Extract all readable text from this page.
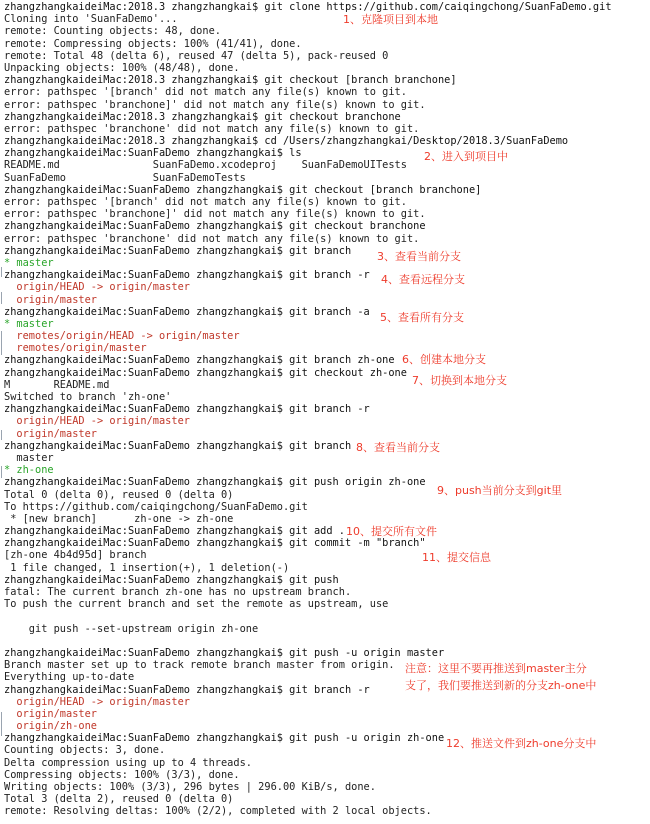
zhangzhangkaideiMac:2018.3 zhangzhangkai$ git clone https://github.com/caiqingchong/SuanFaDemo.git
Cloning into 'SuanFaDemo'...
remote: Counting objects: 48, done.
remote: Compressing objects: 100% (41/41), done.
remote: Total 48 (delta 6), reused 47 (delta 5), pack-reused 0
Unpacking objects: 100% (48/48), done.
zhangzhangkaideiMac:2018.3 zhangzhangkai$ git checkout [branch branchone]
error: pathspec '[branch' did not match any file(s) known to git.
error: pathspec 'branchone]' did not match any file(s) known to git.
zhangzhangkaideiMac:2018.3 zhangzhangkai$ git checkout branchone
error: pathspec 'branchone' did not match any file(s) known to git.
zhangzhangkaideiMac:2018.3 zhangzhangkai$ cd /Users/zhangzhangkai/Desktop/2018.3/SuanFaDemo
zhangzhangkaideiMac:SuanFaDemo zhangzhangkai$ ls
README.md               SuanFaDemo.xcodeproj    SuanFaDemoUITests
SuanFaDemo              SuanFaDemoTests
zhangzhangkaideiMac:SuanFaDemo zhangzhangkai$ git checkout [branch branchone]
error: pathspec '[branch' did not match any file(s) known to git.
error: pathspec 'branchone]' did not match any file(s) known to git.
zhangzhangkaideiMac:SuanFaDemo zhangzhangkai$ git checkout branchone
error: pathspec 'branchone' did not match any file(s) known to git.
zhangzhangkaideiMac:SuanFaDemo zhangzhangkai$ git branch
* master
zhangzhangkaideiMac:SuanFaDemo zhangzhangkai$ git branch -r
origin/HEAD -> origin/master
origin/master
zhangzhangkaideiMac:SuanFaDemo zhangzhangkai$ git branch -a
* master
remotes/origin/HEAD -> origin/master
remotes/origin/master
zhangzhangkaideiMac:SuanFaDemo zhangzhangkai$ git branch zh-one
zhangzhangkaideiMac:SuanFaDemo zhangzhangkai$ git checkout zh-one
M       README.md
Switched to branch 'zh-one'
zhangzhangkaideiMac:SuanFaDemo zhangzhangkai$ git branch -r
origin/HEAD -> origin/master
origin/master
zhangzhangkaideiMac:SuanFaDemo zhangzhangkai$ git branch
master
* zh-one
zhangzhangkaideiMac:SuanFaDemo zhangzhangkai$ git push origin zh-one
Total 0 (delta 0), reused 0 (delta 0)
To https://github.com/caiqingchong/SuanFaDemo.git
* [new branch]      zh-one -> zh-one
zhangzhangkaideiMac:SuanFaDemo zhangzhangkai$ git add .
zhangzhangkaideiMac:SuanFaDemo zhangzhangkai$ git commit -m "branch"
[zh-one 4b4d95d] branch
1 file changed, 1 insertion(+), 1 deletion(-)
zhangzhangkaideiMac:SuanFaDemo zhangzhangkai$ git push
fatal: The current branch zh-one has no upstream branch.
To push the current branch and set the remote as upstream, use
git push --set-upstream origin zh-one
zhangzhangkaideiMac:SuanFaDemo zhangzhangkai$ git push -u origin master
Branch master set up to track remote branch master from origin.
Everything up-to-date
zhangzhangkaideiMac:SuanFaDemo zhangzhangkai$ git branch -r
origin/HEAD -> origin/master
origin/master
origin/zh-one
zhangzhangkaideiMac:SuanFaDemo zhangzhangkai$ git push -u origin zh-one
Counting objects: 3, done.
Delta compression using up to 4 threads.
Compressing objects: 100% (3/3), done.
Writing objects: 100% (3/3), 296 bytes | 296.00 KiB/s, done.
Total 3 (delta 2), reused 0 (delta 0)
remote: Resolving deltas: 100% (2/2), completed with 2 local objects.
1、克隆项目到本地
2、进入到项目中
3、查看当前分支
4、查看远程分支
5、查看所有分支
6、创建本地分支
7、切换到本地分支
8、查看当前分支
9、push当前分支到git里
10、提交所有文件
11、提交信息
注意：这里不要再推送到master主分
支了，我们要推送到新的分支zh-one中
12、推送文件到zh-one分支中
